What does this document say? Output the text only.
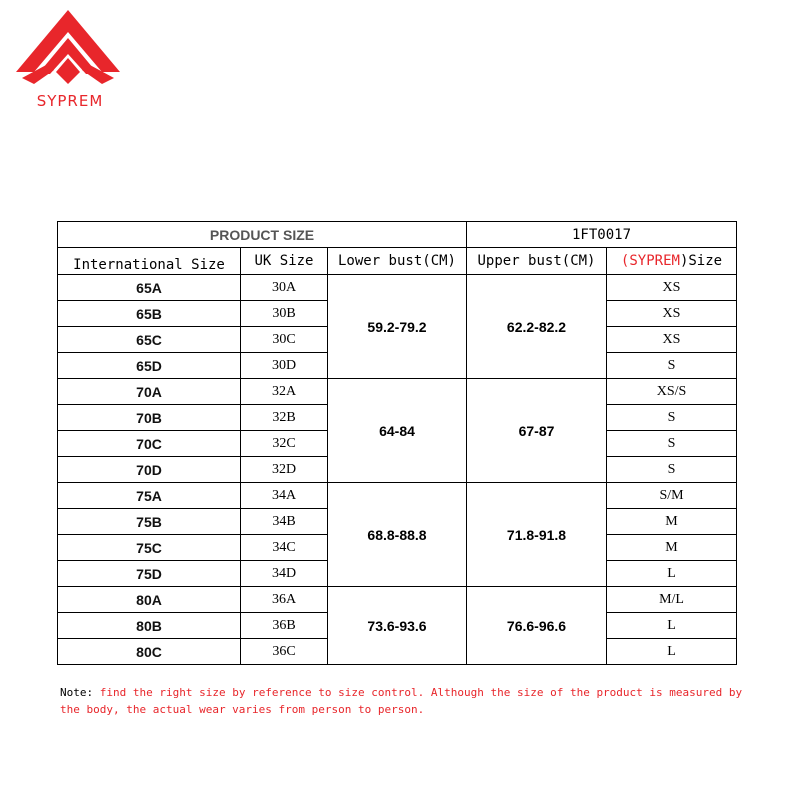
SYPREM
PRODUCT SIZE			1FT0017	
International Size	UK Size	Lower bust(CM)	Upper bust(CM)	(SYPREM)Size
65A	30A	59.2-79.2	62.2-82.2	XS
65B	30B			XS
65C	30C			XS
65D	30D			S
70A	32A	64-84	67-87	XS/S
70B	32B			S
70C	32C			S
70D	32D			S
75A	34A	68.8-88.8	71.8-91.8	S/M
75B	34B			M
75C	34C			M
75D	34D			L
80A	36A	73.6-93.6	76.6-96.6	M/L
80B	36B			L
80C	36C			L
Note: find the right size by reference to size control. Although the size of the product is measured by the body, the actual wear varies from person to person.
